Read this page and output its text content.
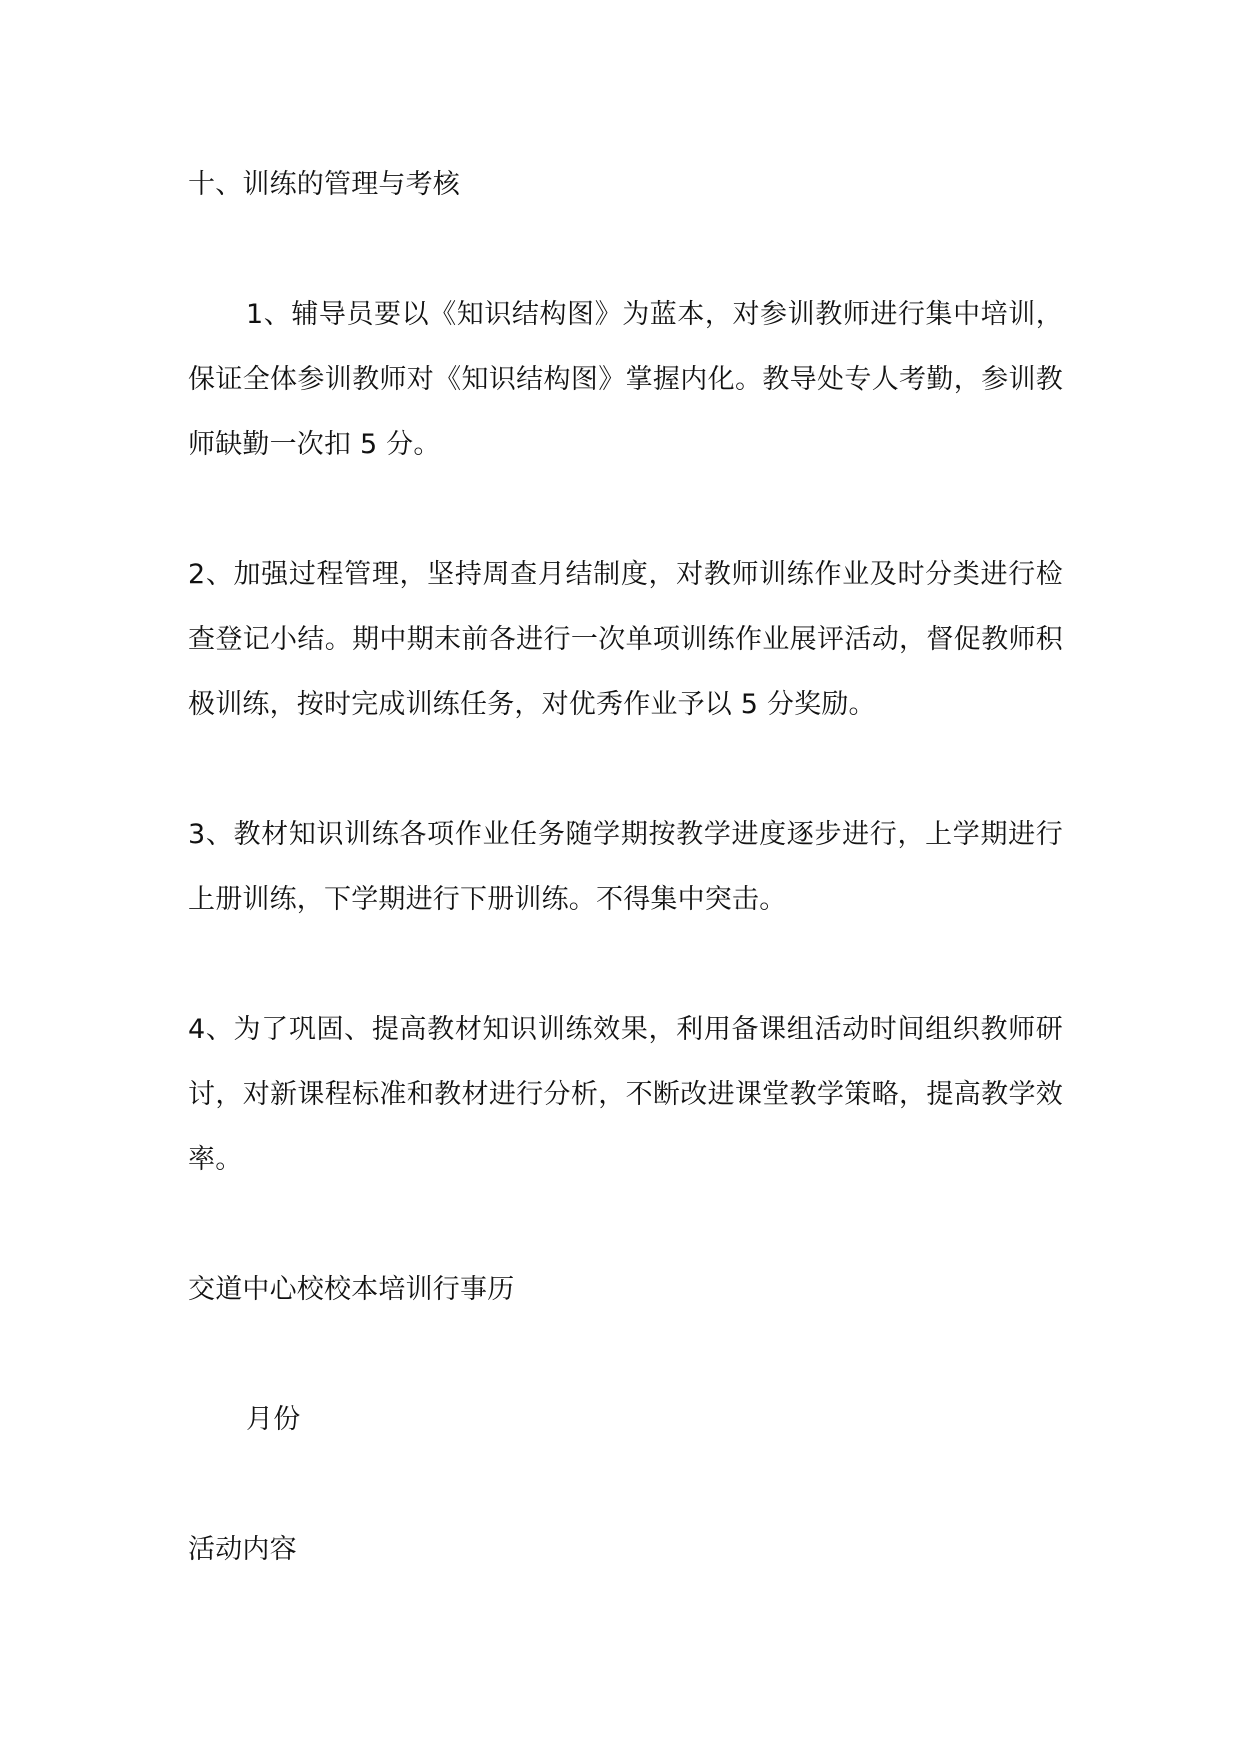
十、训练的管理与考核

1、辅导员要以《知识结构图》为蓝本，对参训教师进行集中培训，保证全体参训教师对《知识结构图》掌握内化。教导处专人考勤，参训教师缺勤一次扣 5 分。

2、加强过程管理，坚持周查月结制度，对教师训练作业及时分类进行检查登记小结。期中期末前各进行一次单项训练作业展评活动，督促教师积极训练，按时完成训练任务，对优秀作业予以 5 分奖励。

3、教材知识训练各项作业任务随学期按教学进度逐步进行，上学期进行上册训练，下学期进行下册训练。不得集中突击。

4、为了巩固、提高教材知识训练效果，利用备课组活动时间组织教师研讨，对新课程标准和教材进行分析，不断改进课堂教学策略，提高教学效率。

交道中心校校本培训行事历

月份

活动内容
